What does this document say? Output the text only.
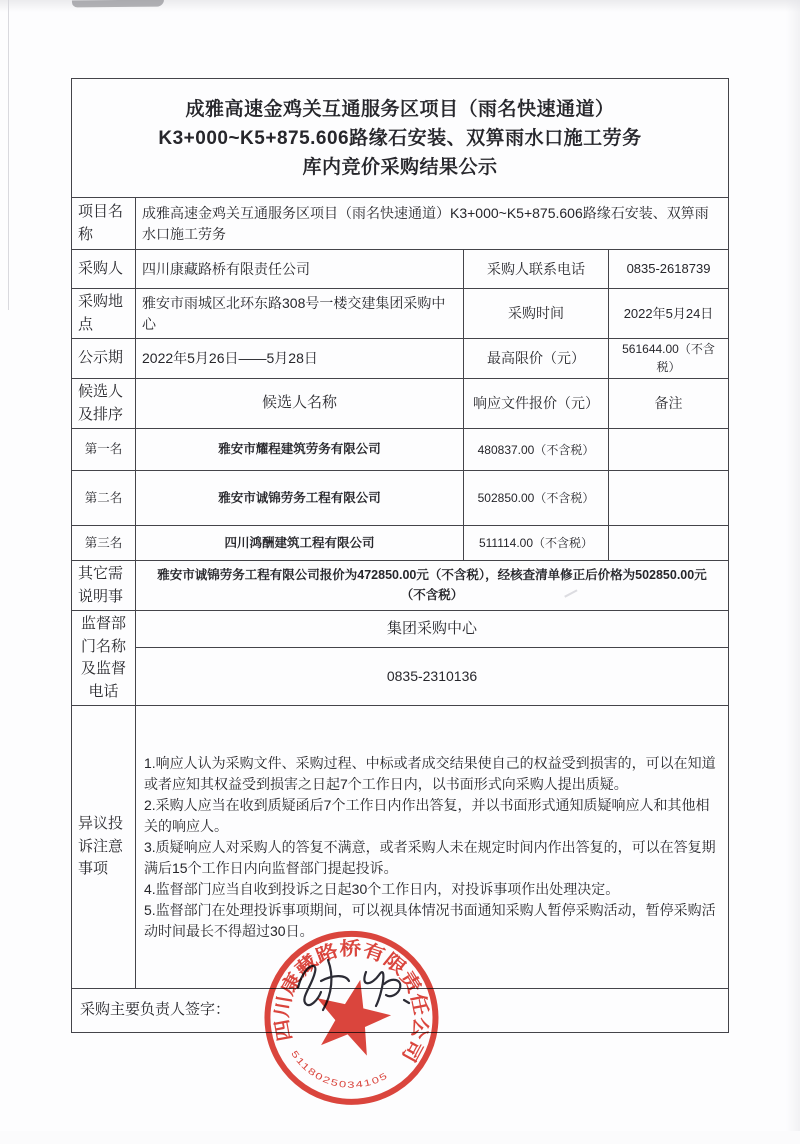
成雅高速金鸡关互通服务区项目（雨名快速通道）
K3+000~K5+875.606路缘石安装、双箅雨水口施工劳务
库内竞价采购结果公示			

项目名称	成雅高速金鸡关互通服务区项目（雨名快速通道）K3+000~K5+875.606路缘石安装、双箅雨水口施工劳务		
采购人	四川康藏路桥有限责任公司	采购人联系电话	0835-2618739
采购地点	雅安市雨城区北环东路308号一楼交建集团采购中心	采购时间	2022年5月24日
公示期	2022年5月26日——5月28日	最高限价（元）	561644.00（不含税）
候选人及排序	候选人名称	响应文件报价（元）	备注
第一名	雅安市耀程建筑劳务有限公司	480837.00（不含税）	
第二名	雅安市诚锦劳务工程有限公司	502850.00（不含税）	
第三名	四川鸿酬建筑工程有限公司	511114.00（不含税）	
其它需说明事	雅安市诚锦劳务工程有限公司报价为472850.00元（不含税），经核查清单修正后价格为502850.00元（不含税）		
监督部门名称及监督电话	集团采购中心		
	0835-2310136		
异议投诉注意事项	1.响应人认为采购文件、采购过程、中标或者成交结果使自己的权益受到损害的，可以在知道或者应知其权益受到损害之日起7个工作日内，以书面形式向采购人提出质疑。
2.采购人应当在收到质疑函后7个工作日内作出答复，并以书面形式通知质疑响应人和其他相关的响应人。
3.质疑响应人对采购人的答复不满意，或者采购人未在规定时间内作出答复的，可以在答复期满后15个工作日内向监督部门提起投诉。
4.监督部门应当自收到投诉之日起30个工作日内，对投诉事项作出处理决定。
5.监督部门在处理投诉事项期间，可以视具体情况书面通知采购人暂停采购活动，暂停采购活动时间最长不得超过30日。		

采购主要负责人签字：			
四川康藏路桥有限责任公司
5118025034105
